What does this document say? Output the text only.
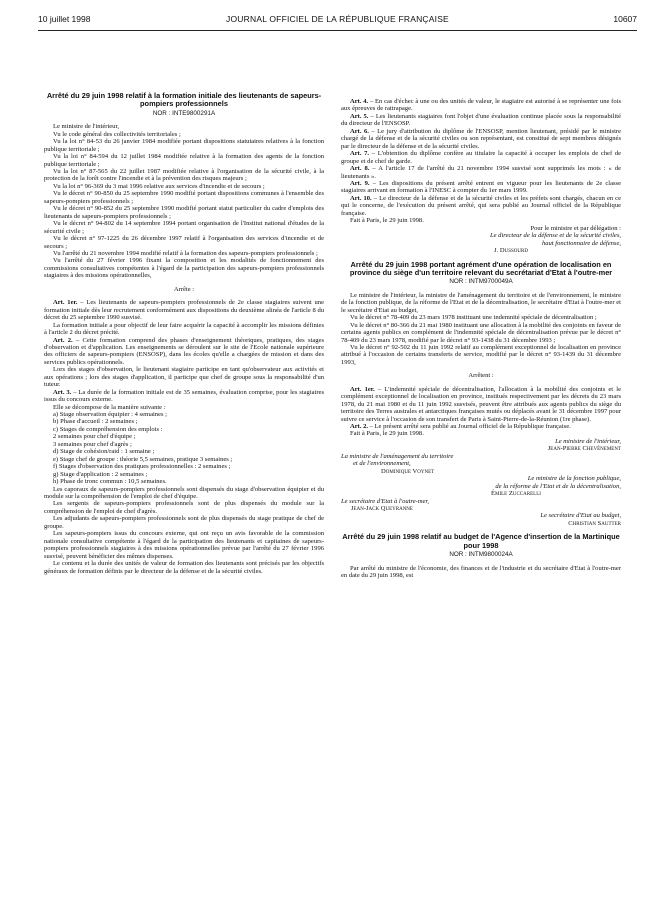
10 juillet 1998	JOURNAL OFFICIEL DE LA RÉPUBLIQUE FRANÇAISE	10607
Arrêté du 29 juin 1998 relatif à la formation initiale des lieutenants de sapeurs-pompiers professionnels
NOR : INTE9800291A

Le ministre de l'intérieur,

Vu le code général des collectivités territoriales ;

Vu la loi n° 84-53 du 26 janvier 1984 modifiée portant dispositions statutaires relatives à la fonction publique territoriale ;

Vu la loi n° 84-594 du 12 juillet 1984 modifiée relative à la formation des agents de la fonction publique territoriale ;

Vu la loi n° 87-565 du 22 juillet 1987 modifiée relative à l'organisation de la sécurité civile, à la protection de la forêt contre l'incendie et à la prévention des risques majeurs ;

Vu la loi n° 96-369 du 3 mai 1996 relative aux services d'incendie et de secours ;

Vu le décret n° 90-850 du 25 septembre 1990 modifié portant dispositions communes à l'ensemble des sapeurs-pompiers professionnels ;

Vu le décret n° 90-852 du 25 septembre 1990 modifié portant statut particulier du cadre d'emplois des lieutenants de sapeurs-pompiers professionnels ;

Vu le décret n° 94-802 du 14 septembre 1994 portant organisation de l'Institut national d'études de la sécurité civile ;

Vu le décret n° 97-1225 du 26 décembre 1997 relatif à l'organisation des services d'incendie et de secours ;

Vu l'arrêté du 21 novembre 1994 modifié relatif à la formation des sapeurs-pompiers professionnels ;

Vu l'arrêté du 27 février 1996 fixant la composition et les modalités de fonctionnement des commissions consultatives compétentes à l'égard de la participation des sapeurs-pompiers professionnels stagiaires à des missions opérationnelles,

Arrête :

Art. 1er. – Les lieutenants de sapeurs-pompiers professionnels de 2e classe stagiaires suivent une formation initiale dès leur recrutement conformément aux dispositions du deuxième alinéa de l'article 8 du décret du 25 septembre 1990 susvisé.

La formation initiale a pour objectif de leur faire acquérir la capacité à accomplir les missions définies à l'article 2 du décret précité.

Art. 2. – Cette formation comprend des phases d'enseignement théoriques, pratiques, des stages d'observation et d'application. Les enseignements se déroulent sur le site de l'Ecole nationale supérieure des officiers de sapeurs-pompiers (ENSOSP), dans les écoles qu'elle a chargées de mission et dans des services publics opérationnels.

Lors des stages d'observation, le lieutenant stagiaire participe en tant qu'observateur aux activités et aux opérations ; lors des stages d'application, il participe que chef de groupe sous la responsabilité d'un tuteur.

Art. 3. – La durée de la formation initiale est de 35 semaines, évaluation comprise, pour les stagiaires issus du concours externe.

Elle se décompose de la manière suivante :

a) Stage observation équipier : 4 semaines ;

b) Phase d'accueil : 2 semaines ;

c) Stages de compréhension des emplois :

2 semaines pour chef d'équipe ;

3 semaines pour chef d'agrès ;

d) Stage de cohésion/raid : 1 semaine ;

e) Stage chef de groupe : théorie 5,5 semaines, pratique 3 semaines ;

f) Stages d'observation des pratiques professionnelles : 2 semaines ;

g) Stage d'application : 2 semaines ;

h) Phase de tronc commun : 10,5 semaines.

Les caporaux de sapeurs-pompiers professionnels sont dispensés du stage d'observation équipier et du module sur la compréhension de l'emploi de chef d'équipe.

Les sergents de sapeurs-pompiers professionnels sont de plus dispensés du module sur la compréhension de l'emploi de chef d'agrès.

Les adjudants de sapeurs-pompiers professionnels sont de plus dispensés du stage pratique de chef de groupe.

Les sapeurs-pompiers issus du concours externe, qui ont reçu un avis favorable de la commission nationale consultative compétente à l'égard de la participation des lieutenants et capitaines de sapeurs-pompiers professionnels stagiaires à des missions opérationnelles prévue par l'arrêté du 27 février 1996 susvisé, peuvent bénéficier des mêmes dispenses.

Le contenu et la durée des unités de valeur de formation des lieutenants sont précisés par les objectifs généraux de formation définis par le directeur de la défense et de la sécurité civiles.

Art. 4. – En cas d'échec à une ou des unités de valeur, le stagiaire est autorisé à se représenter une fois aux épreuves de rattrapage.

Art. 5. – Les lieutenants stagiaires font l'objet d'une évaluation continue placée sous la responsabilité du directeur de l'ENSOSP.

Art. 6. – Le jury d'attribution du diplôme de l'ENSOSP, mention lieutenant, présidé par le ministre chargé de la défense et de la sécurité civiles ou son représentant, est constitué de sept membres désignés par le directeur de la défense et de la sécurité civiles.

Art. 7. – L'obtention du diplôme confère au titulaire la capacité à occuper les emplois de chef de groupe et de chef de garde.

Art. 8. – A l'article 17 de l'arrêté du 21 novembre 1994 susvisé sont supprimés les mots : « de lieutenants ».

Art. 9. – Les dispositions du présent arrêté entrent en vigueur pour les lieutenants de 2e classe stagiaires arrivant en formation à l'INESC à compter du 1er mars 1999.

Art. 10. – Le directeur de la défense et de la sécurité civiles et les préfets sont chargés, chacun en ce qui le concerne, de l'exécution du présent arrêté, qui sera publié au Journal officiel de la République française.

Fait à Paris, le 29 juin 1998.

Pour le ministre et par délégation :

Le directeur de la défense et de la sécurité civiles,

haut fonctionnaire de défense,

J. Dussourd

Arrêté du 29 juin 1998 portant agrément d'une opération de localisation en province du siège d'un territoire relevant du secrétariat d'Etat à l'outre-mer
NOR : INTM9700049A

Le ministre de l'intérieur, la ministre de l'aménagement du territoire et de l'environnement, le ministre de la fonction publique, de la réforme de l'Etat et de la décentralisation, le secrétaire d'Etat à l'outre-mer et le secrétaire d'Etat au budget,

Vu le décret n° 78-409 du 23 mars 1978 instituant une indemnité spéciale de décentralisation ;

Vu le décret n° 80-366 du 21 mai 1980 instituant une allocation à la mobilité des conjoints en faveur de certains agents publics en complément de l'indemnité spéciale de décentralisation prévue par le décret n° 78-409 du 23 mars 1978, modifié par le décret n° 93-1438 du 31 décembre 1993 ;

Vu le décret n° 92-502 du 11 juin 1992 relatif au complément exceptionnel de localisation en province attribué à l'occasion de certains transferts de service, modifié par le décret n° 93-1439 du 31 décembre 1993,

Arrêtent :

Art. 1er. – L'indemnité spéciale de décentralisation, l'allocation à la mobilité des conjoints et le complément exceptionnel de localisation en province, institués respectivement par les décrets du 23 mars 1978, du 21 mai 1980 et du 11 juin 1992 susvisés, peuvent être attribués aux agents publics du siège du territoire des Terres australes et antarctiques françaises mutés ou déplacés avant le 31 décembre 1997 pour suivre ce service à l'occasion de son transfert de Paris à Saint-Pierre-de-la-Réunion (1re phase).

Art. 2. – Le présent arrêté sera publié au Journal officiel de la République française.

Fait à Paris, le 29 juin 1998.

Le ministre de l'intérieur,

Jean-Pierre Chevènement

La ministre de l'aménagement du territoire

et de l'environnement,

Dominique Voynet

Le ministre de la fonction publique,

de la réforme de l'Etat et de la décentralisation,

Émile Zuccarelli

Le secrétaire d'Etat à l'outre-mer,

Jean-Jack Queyranne

Le secrétaire d'Etat au budget,

Christian Sautter

Arrêté du 29 juin 1998 relatif au budget de l'Agence d'insertion de la Martinique pour 1998
NOR : INTM9800024A

Par arrêté du ministre de l'économie, des finances et de l'industrie et du secrétaire d'Etat à l'outre-mer en date du 29 juin 1998, est
